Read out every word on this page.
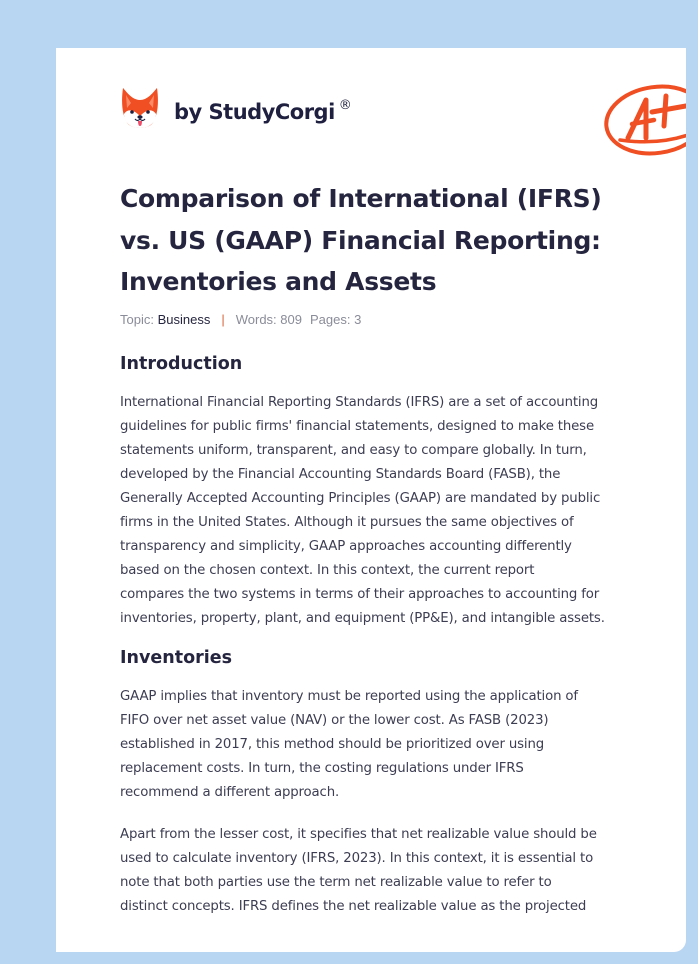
by StudyCorgi ®
Comparison of International (IFRS)
vs. US (GAAP) Financial Reporting:
Inventories and Assets
Topic:
Business | Words: 809 Pages: 3
Introduction
International Financial Reporting Standards (IFRS) are a set of accounting
guidelines for public firms' financial statements, designed to make these
statements uniform, transparent, and easy to compare globally. In turn,
developed by the Financial Accounting Standards Board (FASB), the
Generally Accepted Accounting Principles (GAAP) are mandated by public
firms in the United States. Although it pursues the same objectives of
transparency and simplicity, GAAP approaches accounting differently
based on the chosen context. In this context, the current report
compares the two systems in terms of their approaches to accounting for
inventories, property, plant, and equipment (PP&E), and intangible assets.
Inventories
GAAP implies that inventory must be reported using the application of
FIFO over net asset value (NAV) or the lower cost. As FASB (2023)
established in 2017, this method should be prioritized over using
replacement costs. In turn, the costing regulations under IFRS
recommend a different approach.
Apart from the lesser cost, it specifies that net realizable value should be
used to calculate inventory (IFRS, 2023). In this context, it is essential to
note that both parties use the term net realizable value to refer to
distinct concepts. IFRS defines the net realizable value as the projected
